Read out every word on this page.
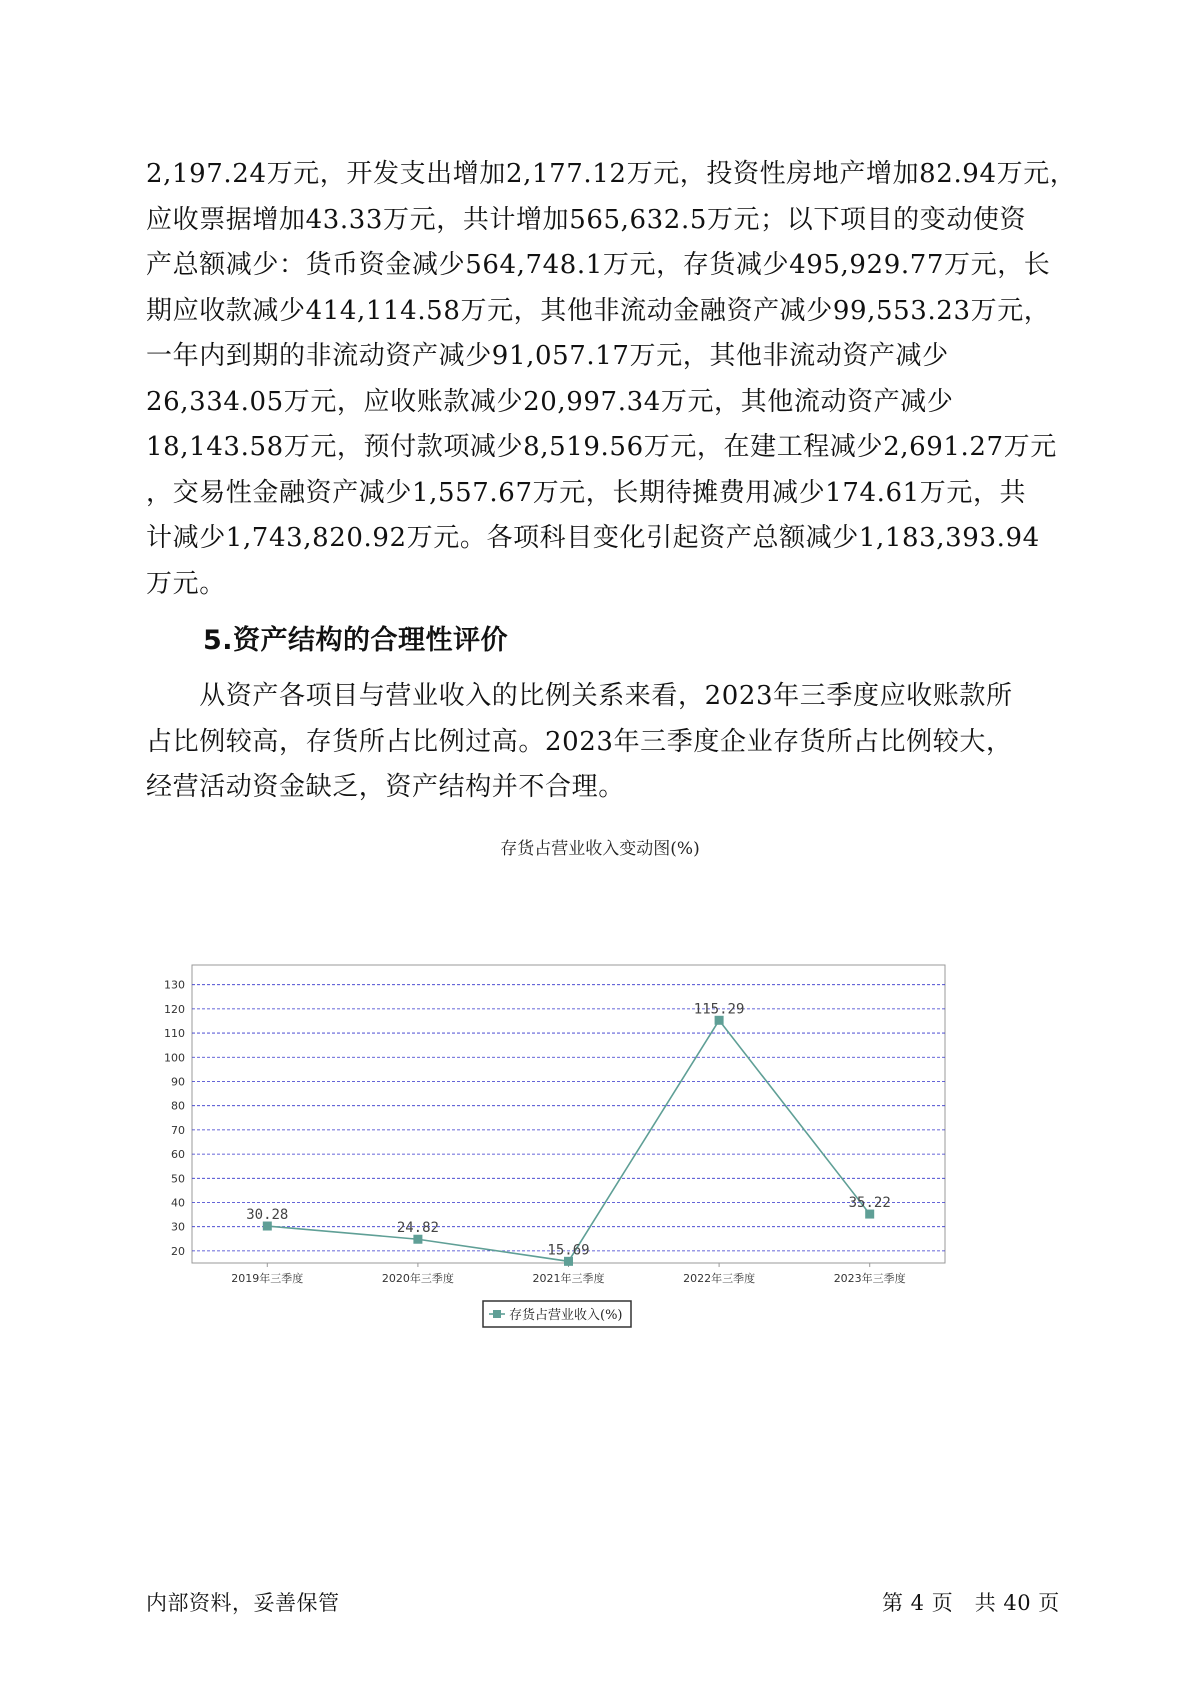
2,197.24万元，开发支出增加2,177.12万元，投资性房地产增加82.94万元，
应收票据增加43.33万元，共计增加565,632.5万元；以下项目的变动使资
产总额减少：货币资金减少564,748.1万元，存货减少495,929.77万元，长
期应收款减少414,114.58万元，其他非流动金融资产减少99,553.23万元，
一年内到期的非流动资产减少91,057.17万元，其他非流动资产减少
26,334.05万元，应收账款减少20,997.34万元，其他流动资产减少
18,143.58万元，预付款项减少8,519.56万元，在建工程减少2,691.27万元
，交易性金融资产减少1,557.67万元，长期待摊费用减少174.61万元，共
计减少1,743,820.92万元。各项科目变化引起资产总额减少1,183,393.94
万元。
5.资产结构的合理性评价
　　从资产各项目与营业收入的比例关系来看，2023年三季度应收账款所
占比例较高，存货所占比例过高。2023年三季度企业存货所占比例较大，
经营活动资金缺乏，资产结构并不合理。
存货占营业收入变动图(%)
20
30
40
50
60
70
80
90
100
110
120
130
2019年三季度	2020年三季度	2021年三季度	2022年三季度	2023年三季度
30.28
24.82
15.69
115.29
35.22
存货占营业收入(%)
内部资料，妥善保管	第 4 页　共 40 页
